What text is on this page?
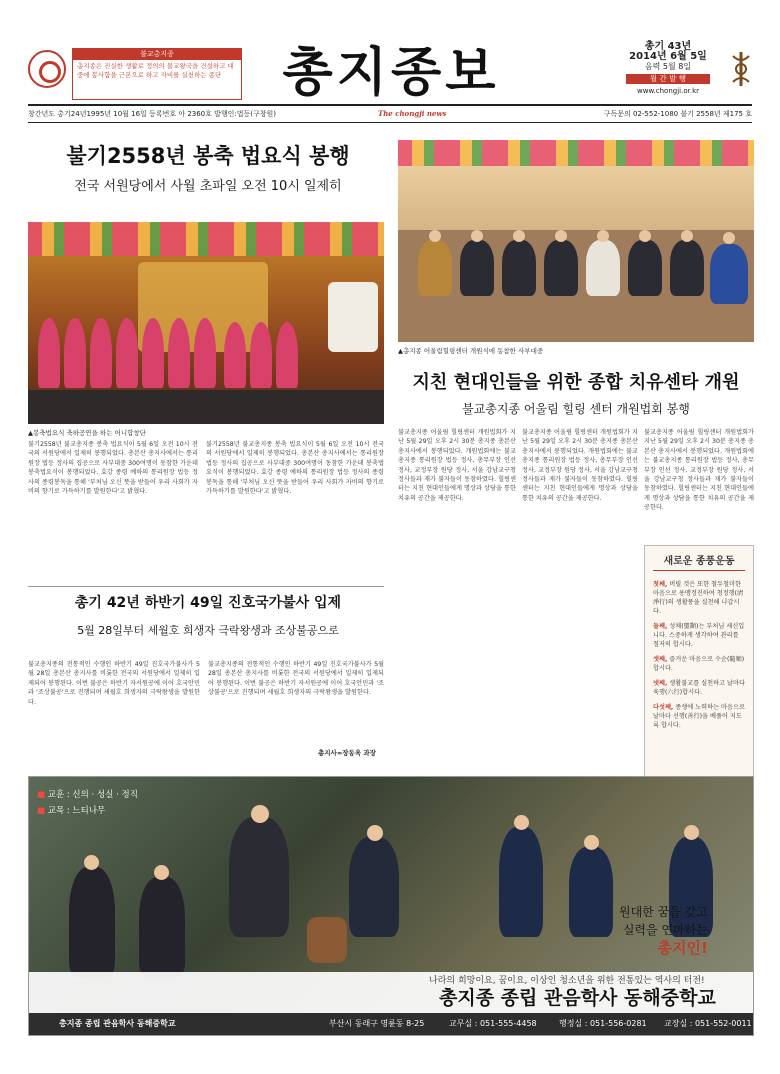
불교총지종
총지종은 진실한 생활로 정의의 불교왕국을 건설하고 대중에 봉사함을 근본으로 하고 자비를 실천하는 종단	총지종보	총기 43년
2014년 6월 5일
음력 5월 8일
월 간 발 행
www.chongji.or.kr
창간년도 총기24년1995년 10월 16일 등록번호 아 2360호 발행인:법등(구창원)	The chongji news	구독문의 02-552-1080 불기 2558년 제175 호
불기2558년 봉축 법요식 봉행
전국 서원당에서 사월 초파일 오전 10시 일제히
▲봉축법요식 축하공연을 하는 어니합창단
불기2558년 불교총지종 봉축 법요식이 5월 6일 오전 10시 전국의 서원당에서 일제히 봉행되었다. 총본산 총지사에서는 통리원장 법등 정사의 집공으로 사부대중 300여명이 동참한 가운데 봉축법요식이 봉행되었다. 효강 종령 예하의 통리원장 법등 정사의 종령봉독을 통해 '부처님 오신 뜻을 받들어 우리 사회가 자비의 향기로 가득하기를 발원한다'고 밝혔다.
불기2558년 불교총지종 봉축 법요식이 5월 6일 오전 10시 전국의 서원당에서 일제히 봉행되었다. 총본산 총지사에서는 통리원장 법등 정사의 집공으로 사부대중 300여명이 동참한 가운데 봉축법요식이 봉행되었다. 효강 종령 예하의 통리원장 법등 정사의 종령봉독을 통해 '부처님 오신 뜻을 받들어 우리 사회가 자비의 향기로 가득하기를 발원한다'고 밝혔다.
▲총지종 어울림힐링센터 개원식에 동참한 사부대중
지친 현대인들을 위한 종합 치유센타 개원
불교총지종 어울림 힐링 센터 개원법회 봉행
불교총지종 어울림 힐링센터 개원법회가 지난 5월 29일 오후 2시 30분 총지종 총본산 총지사에서 봉행되었다. 개원법회에는 불교총지종 통리원장 법등 정사, 총무부장 인선 정사, 교정부장 원당 정사, 서울 강남교구청 정사들과 재가 불자들이 동참하였다. 힐링센터는 지친 현대인들에게 명상과 상담을 통한 치유의 공간을 제공한다.
불교총지종 어울림 힐링센터 개원법회가 지난 5월 29일 오후 2시 30분 총지종 총본산 총지사에서 봉행되었다. 개원법회에는 불교총지종 통리원장 법등 정사, 총무부장 인선 정사, 교정부장 원당 정사, 서울 강남교구청 정사들과 재가 불자들이 동참하였다. 힐링센터는 지친 현대인들에게 명상과 상담을 통한 치유의 공간을 제공한다.
불교총지종 어울림 힐링센터 개원법회가 지난 5월 29일 오후 2시 30분 총지종 총본산 총지사에서 봉행되었다. 개원법회에는 불교총지종 통리원장 법등 정사, 총무부장 인선 정사, 교정부장 원당 정사, 서울 강남교구청 정사들과 재가 불자들이 동참하였다. 힐링센터는 지친 현대인들에게 명상과 상담을 통한 치유의 공간을 제공한다.
새로운 종풍운동
첫째, 버릴 것은 또한 철두철미한 마음으로 용맹정진하여 청정행(淸淨行)의 생활풍을 실천해 나갑시다.
둘째, 성채(聖顚)는 부처님 세신입니다. 스중하게 생각하여 관리를 철저히 합시다.
셋째, 즐거운 마음으로 수순(隨順)합시다.
넷째, 생활불교를 실천하고 날마다 육행(六行)합시다.
다섯째, 종생에 노력하는 마음으로 날마다 선행(善行)을 베풀어 지도록 합시다.
총기 42년 하반기 49일 진호국가불사 입제
5월 28일부터 세월호 희생자 극락왕생과 조상불공으로
불교총지종의 전통적인 수행인 하반기 49일 진호국가불사가 5월 28일 총본산 총지사를 비롯한 전국의 서원당에서 일제히 입제되어 봉행된다. 이번 불공은 하반기 자서원공에 이어 호국안민과 '조상불공'으로 진행되며 세월호 희생자의 극락왕생을 발원한다.
불교총지종의 전통적인 수행인 하반기 49일 진호국가불사가 5월 28일 총본산 총지사를 비롯한 전국의 서원당에서 일제히 입제되어 봉행된다. 이번 불공은 하반기 자서원공에 이어 호국안민과 '조상불공'으로 진행되며 세월호 희생자의 극락왕생을 발원한다.
총지사=장동욱 과장
■ 교훈 : 신의 · 성실 · 정직
■ 교목 : 느티나무
원대한 꿈을 갖고
실력을 연마하는
총지인!
나라의 희망이요, 꿈이요, 이상인 청소년을 위한 전통있는 역사의 터전!
총지종 종립 관음학사 동해중학교
총지종 종립 관음학사 동해중학교	부산시 동래구 명륜동 8-25	교무실 : 051-555-4458	행정실 : 051-556-0281 교장실 : 051-552-0011
